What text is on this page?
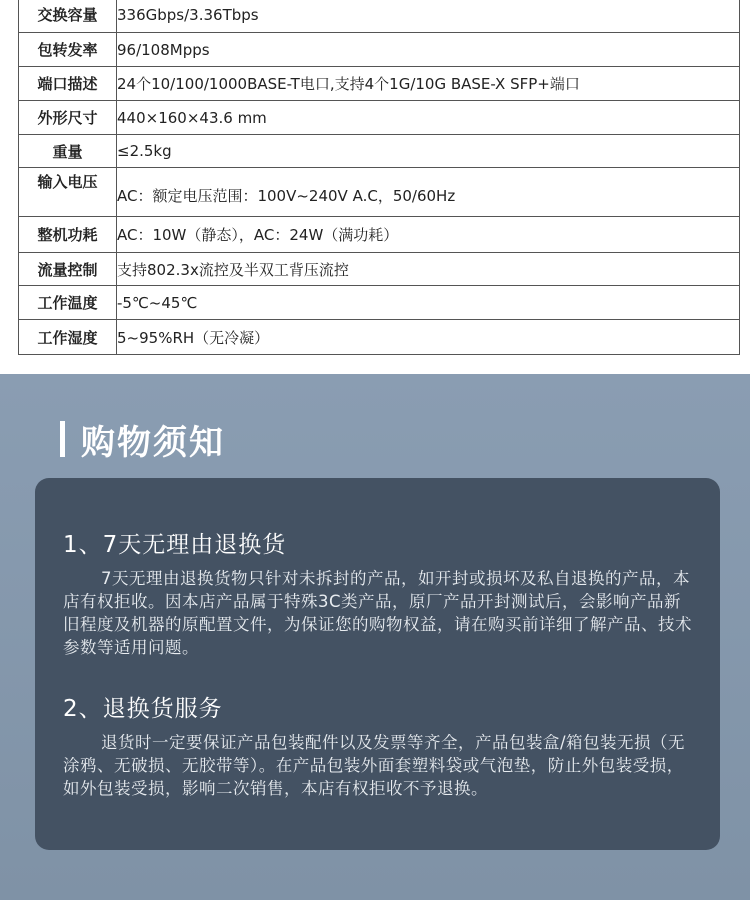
交换容量	336Gbps/3.36Tbps
包转发率	96/108Mpps
端口描述	24个10/100/1000BASE-T电口,支持4个1G/10G BASE-X SFP+端口
外形尺寸	440×160×43.6 mm
重量	≤2.5kg
输入电压	AC：额定电压范围：100V~240V A.C，50/60Hz
整机功耗	AC：10W（静态），AC：24W（满功耗）
流量控制	支持802.3x流控及半双工背压流控
工作温度	-5℃~45℃
工作湿度	5~95%RH（无冷凝）
购物须知
1、7天无理由退换货
7天无理由退换货物只针对未拆封的产品，如开封或损坏及私自退换的产品，本店有权拒收。因本店产品属于特殊3C类产品，原厂产品开封测试后，会影响产品新旧程度及机器的原配置文件，为保证您的购物权益，请在购买前详细了解产品、技术参数等适用问题。
2、退换货服务
退货时一定要保证产品包装配件以及发票等齐全，产品包装盒/箱包装无损（无涂鸦、无破损、无胶带等）。在产品包装外面套塑料袋或气泡垫，防止外包装受损，如外包装受损，影响二次销售，本店有权拒收不予退换。
